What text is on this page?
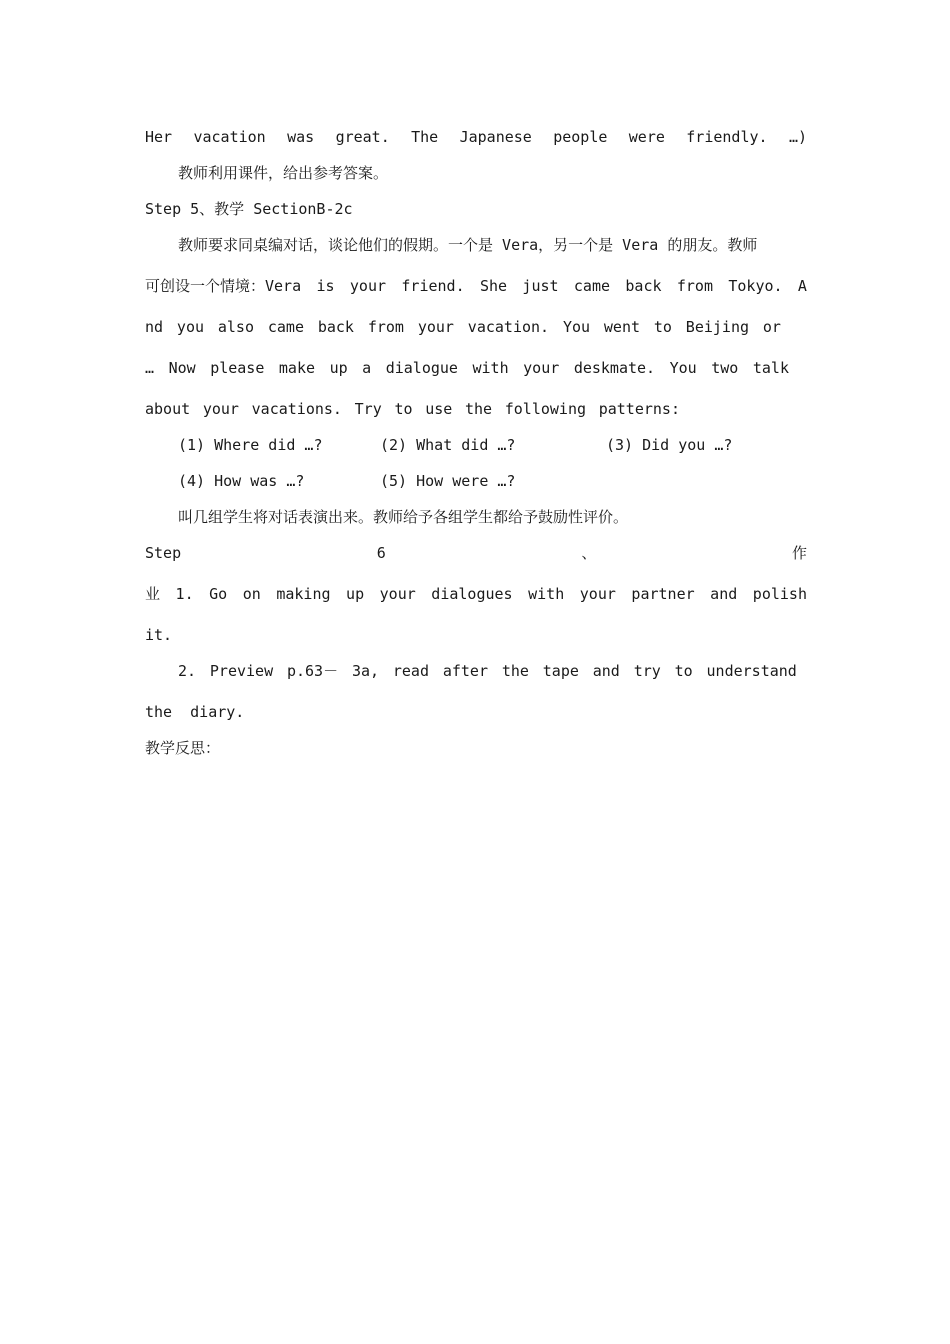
Her vacation was great. The Japanese people were friendly. …)
教师利用课件，给出参考答案。
Step 5、教学 SectionB-2c
教师要求同桌编对话，谈论他们的假期。一个是 Vera，另一个是 Vera 的朋友。教师
可创设一个情境：Vera is your friend. She just came back from Tokyo. A
nd you also came back from your vacation. You went to Beijing or
… Now please make up a dialogue with your deskmate. You two talk
about your vacations. Try to use the following patterns:
(1) Where did …?	(2) What did …?	(3) Did you …?
(4) How was …?	(5) How were …?
叫几组学生将对话表演出来。教师给予各组学生都给予鼓励性评价。
Step	6	、	作
业 1. Go on making up your dialogues with your partner and polish
it.
2. Preview p.63－ 3a, read after the tape and try to understand
the  diary.
教学反思：
